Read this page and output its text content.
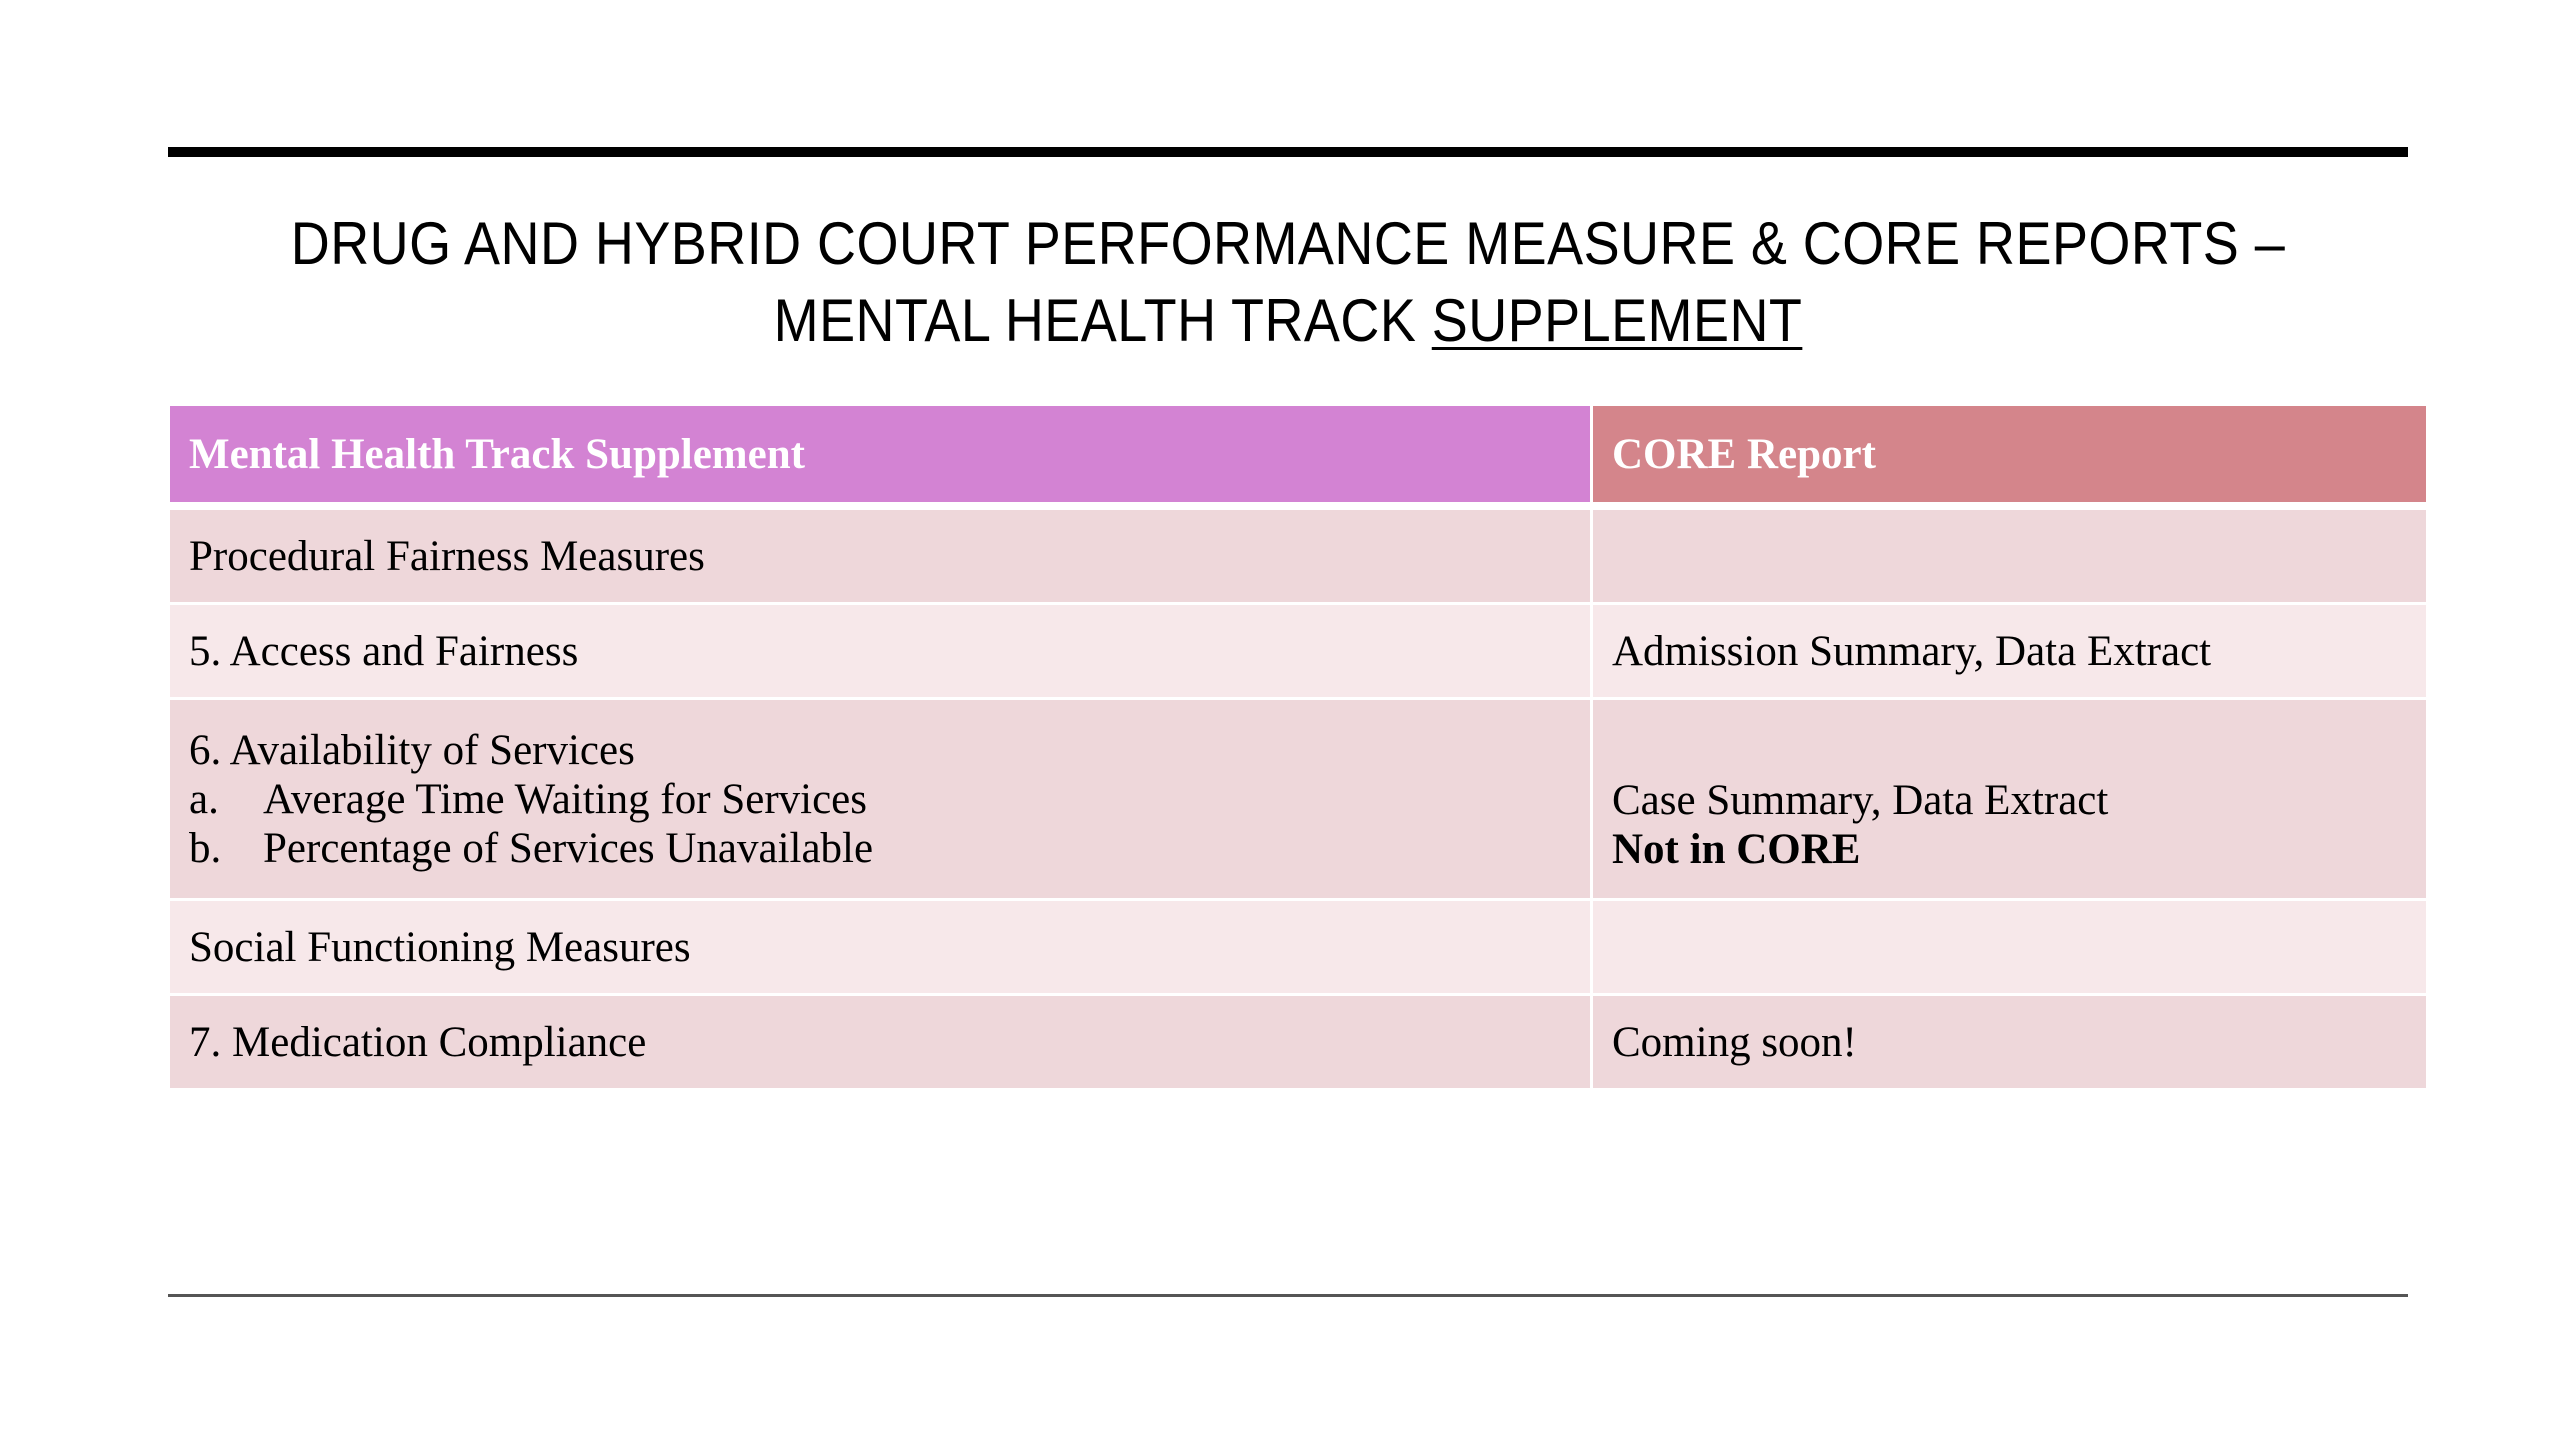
DRUG AND HYBRID COURT PERFORMANCE MEASURE & CORE REPORTS –
MENTAL HEALTH TRACK SUPPLEMENT
Mental Health Track Supplement	CORE Report
Procedural Fairness Measures	
5. Access and Fairness	Admission Summary, Data Extract

6. Availability of Services
a. Average Time Waiting for Services
b. Percentage of Services Unavailable	Case Summary, Data Extract
Not in CORE

Social Functioning Measures	
7. Medication Compliance	Coming soon!
